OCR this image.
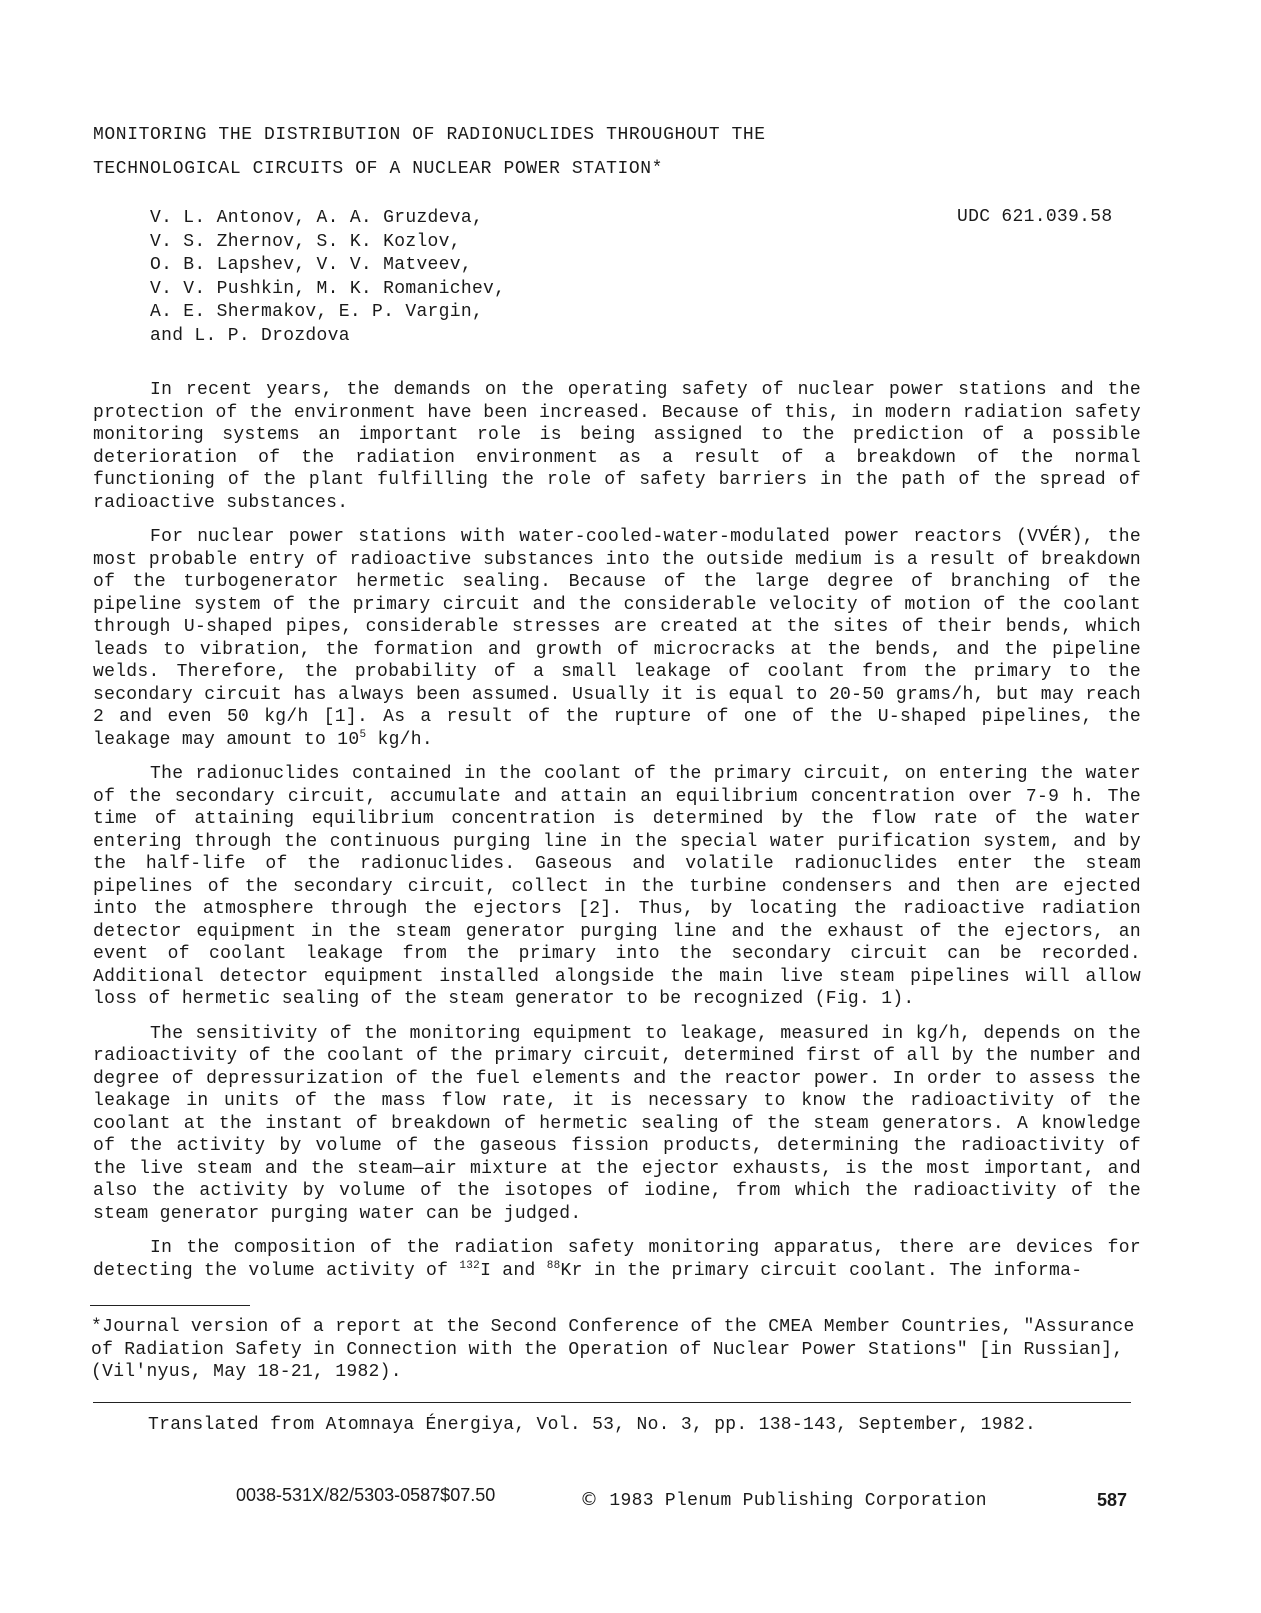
MONITORING THE DISTRIBUTION OF RADIONUCLIDES THROUGHOUT THE
TECHNOLOGICAL CIRCUITS OF A NUCLEAR POWER STATION*
V. L. Antonov, A. A. Gruzdeva,
V. S. Zhernov, S. K. Kozlov,
O. B. Lapshev, V. V. Matveev,
V. V. Pushkin, M. K. Romanichev,
A. E. Shermakov, E. P. Vargin,
and L. P. Drozdova
UDC 621.039.58

In recent years, the demands on the operating safety of nuclear power stations and the protection of the environment have been increased. Because of this, in modern radiation safety monitoring systems an important role is being assigned to the prediction of a possible deterioration of the radiation environment as a result of a breakdown of the normal functioning of the plant fulfilling the role of safety barriers in the path of the spread of radioactive substances.

For nuclear power stations with water-cooled-water-modulated power reactors (VVÉR), the most probable entry of radioactive substances into the outside medium is a result of breakdown of the turbogenerator hermetic sealing. Because of the large degree of branching of the pipeline system of the primary circuit and the considerable velocity of motion of the coolant through U-shaped pipes, considerable stresses are created at the sites of their bends, which leads to vibration, the formation and growth of microcracks at the bends, and the pipeline welds. Therefore, the probability of a small leakage of coolant from the primary to the secondary circuit has always been assumed. Usually it is equal to 20-50 grams/h, but may reach 2 and even 50 kg/h [1]. As a result of the rupture of one of the U-shaped pipelines, the leakage may amount to $10^5$ kg/h.

The radionuclides contained in the coolant of the primary circuit, on entering the water of the secondary circuit, accumulate and attain an equilibrium concentration over 7-9 h. The time of attaining equilibrium concentration is determined by the flow rate of the water entering through the continuous purging line in the special water purification system, and by the half-life of the radionuclides. Gaseous and volatile radionuclides enter the steam pipelines of the secondary circuit, collect in the turbine condensers and then are ejected into the atmosphere through the ejectors [2]. Thus, by locating the radioactive radiation detector equipment in the steam generator purging line and the exhaust of the ejectors, an event of coolant leakage from the primary into the secondary circuit can be recorded. Additional detector equipment installed alongside the main live steam pipelines will allow loss of hermetic sealing of the steam generator to be recognized (Fig. 1).

The sensitivity of the monitoring equipment to leakage, measured in kg/h, depends on the radioactivity of the coolant of the primary circuit, determined first of all by the number and degree of depressurization of the fuel elements and the reactor power. In order to assess the leakage in units of the mass flow rate, it is necessary to know the radioactivity of the coolant at the instant of breakdown of hermetic sealing of the steam generators. A knowledge of the activity by volume of the gaseous fission products, determining the radioactivity of the live steam and the steam—air mixture at the ejector exhausts, is the most important, and also the activity by volume of the isotopes of iodine, from which the radioactivity of the steam generator purging water can be judged.

In the composition of the radiation safety monitoring apparatus, there are devices for detecting the volume activity of $^{132}$I and $^{88}$Kr in the primary circuit coolant. The informa-

*Journal version of a report at the Second Conference of the CMEA Member Countries, "Assurance of Radiation Safety in Connection with the Operation of Nuclear Power Stations" [in Russian], (Vil'nyus, May 18-21, 1982).

Translated from Atomnaya Énergiya, Vol. 53, No. 3, pp. 138-143, September, 1982.
0038-531X/82/5303-0587$07.50	© 1983 Plenum Publishing Corporation	587
